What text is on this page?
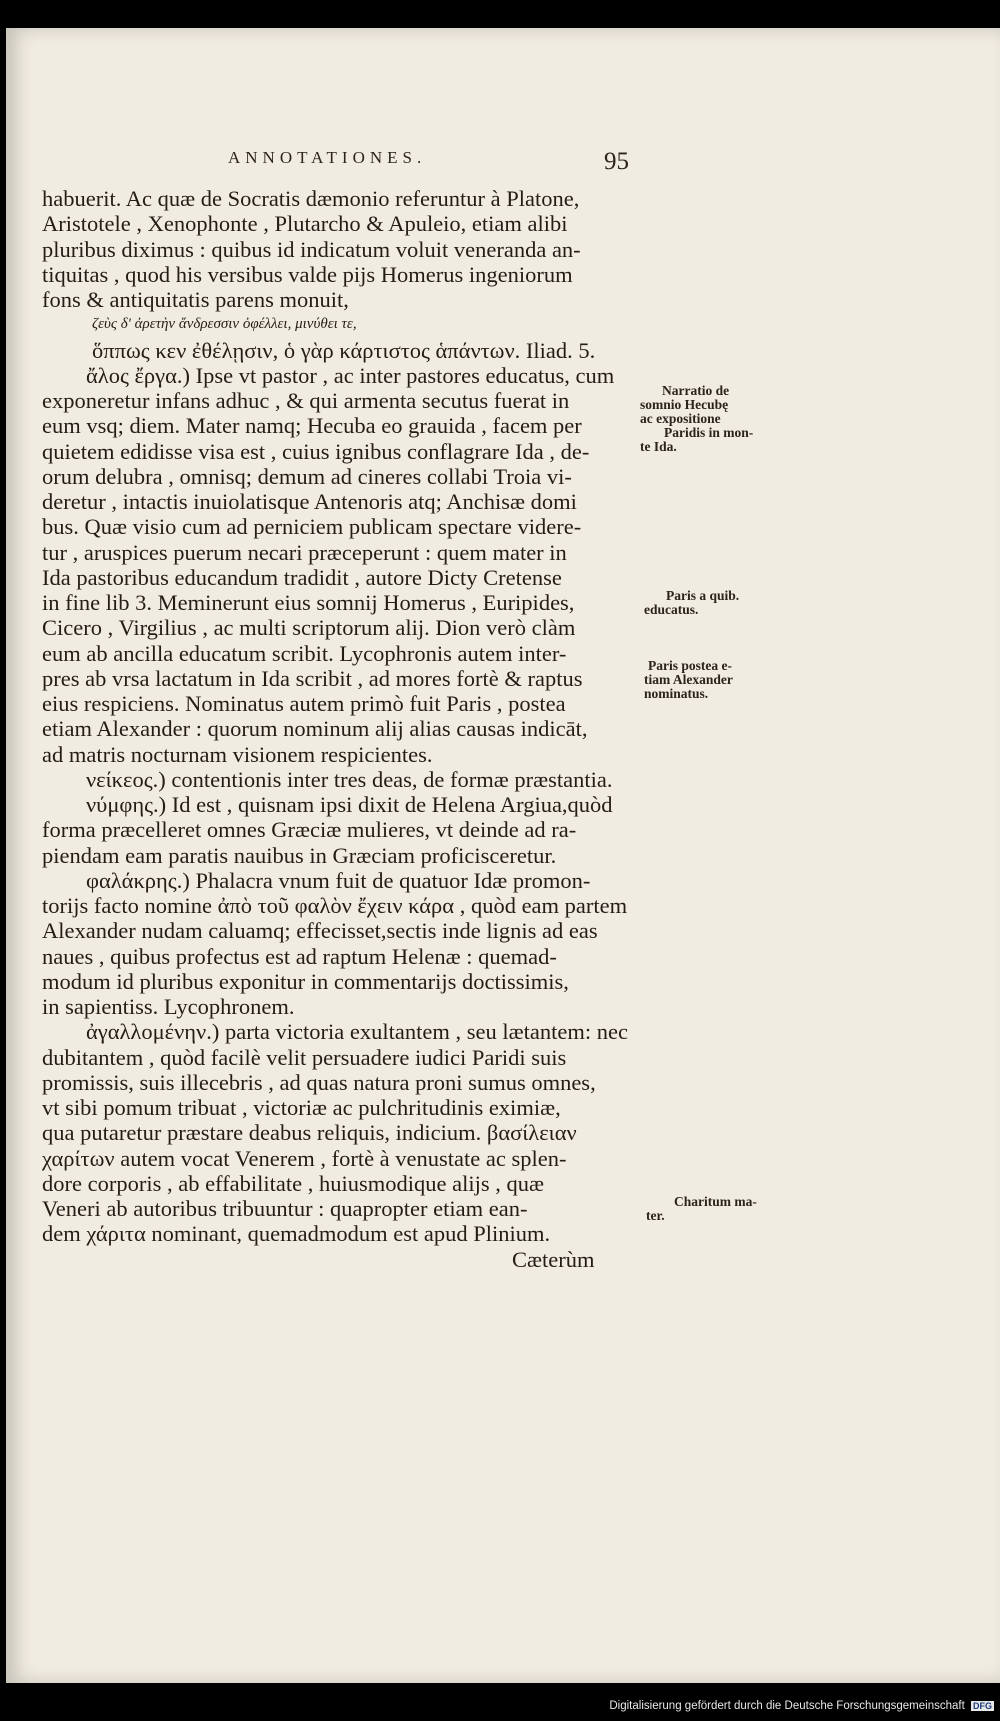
ANNOTATIONES.	95
habuerit. Ac quæ de Socratis dæmonio referuntur à Platone,
Aristotele , Xenophonte , Plutarcho & Apuleio, etiam alibi
pluribus diximus : quibus id indicatum voluit veneranda an-
tiquitas , quod his versibus valde pijs Homerus ingeniorum
fons & antiquitatis parens monuit,
ζεὺς δ' ἀρετὴν ἄνδρεσσιν ὀφέλλει, μινύθει τε,
ὅππως κεν ἐθέλῃσιν, ὁ γὰρ κάρτιστος ἁπάντων. Iliad. 5.
ἄλος ἔργα.) Ipse vt pastor , ac inter pastores educatus, cum
exponeretur infans adhuc , & qui armenta secutus fuerat in
eum vsq; diem. Mater namq; Hecuba eo grauida , facem per
quietem edidisse visa est , cuius ignibus conflagrare Ida , de-
orum delubra , omnisq; demum ad cineres collabi Troia vi-
deretur , intactis inuiolatisque Antenoris atq; Anchisæ domi
bus. Quæ visio cum ad perniciem publicam spectare videre-
tur , aruspices puerum necari præceperunt : quem mater in
Ida pastoribus educandum tradidit , autore Dicty Cretense
in fine lib 3. Meminerunt eius somnij Homerus , Euripides,
Cicero , Virgilius , ac multi scriptorum alij. Dion verò clàm
eum ab ancilla educatum scribit. Lycophronis autem inter-
pres ab vrsa lactatum in Ida scribit , ad mores fortè & raptus
eius respiciens. Nominatus autem primò fuit Paris , postea
etiam Alexander : quorum nominum alij alias causas indicāt,
ad matris nocturnam visionem respicientes.
νείκεος.) contentionis inter tres deas, de formæ præstantia.
νύμφης.) Id est , quisnam ipsi dixit de Helena Argiua,quòd
forma præcelleret omnes Græciæ mulieres, vt deinde ad ra-
piendam eam paratis nauibus in Græciam proficisceretur.
φαλάκρης.) Phalacra vnum fuit de quatuor Idæ promon-
torijs facto nomine ἀπὸ τοῦ φαλὸν ἔχειν κάρα , quòd eam partem
Alexander nudam caluamq; effecisset,sectis inde lignis ad eas
naues , quibus profectus est ad raptum Helenæ : quemad-
modum id pluribus exponitur in commentarijs doctissimis,
in sapientiss. Lycophronem.
ἀγαλλομένην.) parta victoria exultantem , seu lætantem: nec
dubitantem , quòd facilè velit persuadere iudici Paridi suis
promissis, suis illecebris , ad quas natura proni sumus omnes,
vt sibi pomum tribuat , victoriæ ac pulchritudinis eximiæ,
qua putaretur præstare deabus reliquis, indicium. βασίλειαν
χαρίτων autem vocat Venerem , fortè à venustate ac splen-
dore corporis , ab effabilitate , huiusmodique alijs , quæ
Veneri ab autoribus tribuuntur : quapropter etiam ean-
dem χάριτα nominant, quemadmodum est apud Plinium.
Cæterùm
Narratio de
somnio Hecubę
ac expositione
Paridis in mon-
te Ida.
Paris a quib.
educatus.
Paris postea e-
tiam Alexander
nominatus.
Charitum ma-
ter.
Digitalisierung gefördert durch die Deutsche Forschungsgemeinschaft DFG
